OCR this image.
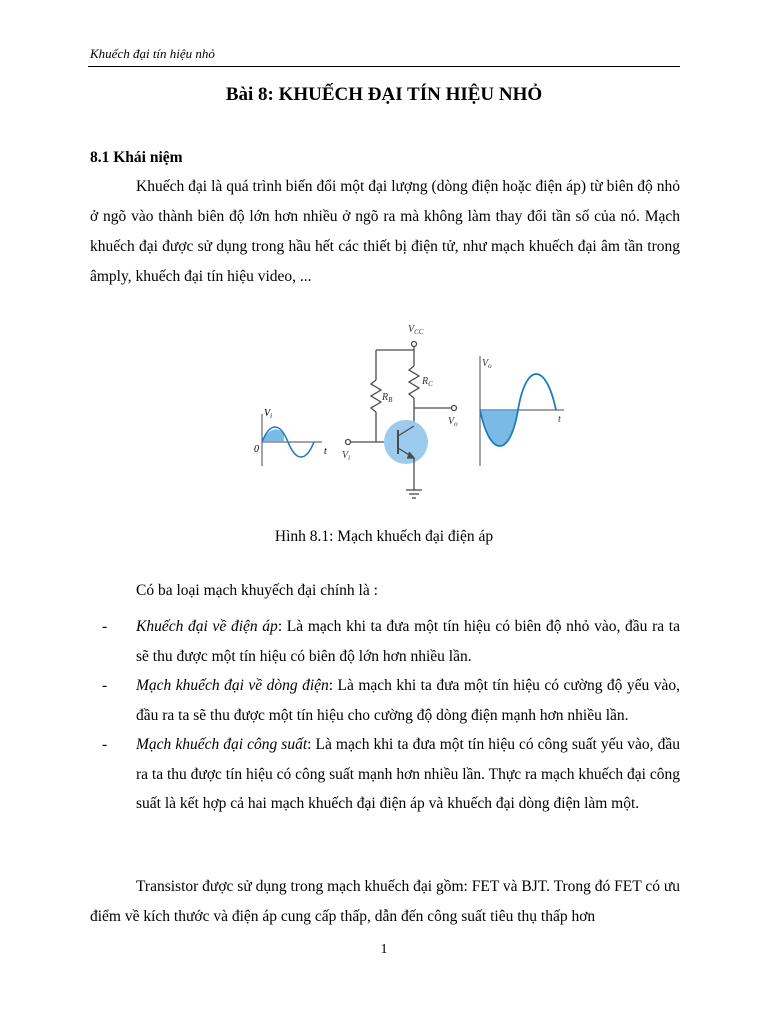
Khuếch đại tín hiệu nhỏ
Bài 8: KHUẾCH ĐẠI TÍN HIỆU NHỎ
8.1 Khái niệm
Khuếch đại là quá trình biến đổi một đại lượng (dòng điện hoặc điện áp) từ biên độ nhỏ ở ngõ vào thành biên độ lớn hơn nhiều ở ngõ ra mà không làm thay đổi tần số của nó. Mạch khuếch đại được sử dụng trong hầu hết các thiết bị điện tử, như mạch khuếch đại âm tần trong âmply, khuếch đại tín hiệu video, ...
0
$V_i$
t
$V_{CC}$
$R_B$
$R_C$
$V_i$
$V_o$
$V_o$
t
Hình 8.1: Mạch khuếch đại điện áp
Có ba loại mạch khuyếch đại chính là :
- Khuếch đại về điện áp: Là mạch khi ta đưa một tín hiệu có biên độ nhỏ vào, đầu ra ta sẽ thu được một tín hiệu có biên độ lớn hơn nhiều lần.
- Mạch khuếch đại về dòng điện: Là mạch khi ta đưa một tín hiệu có cường độ yếu vào, đầu ra ta sẽ thu được một tín hiệu cho cường độ dòng điện mạnh hơn nhiều lần.
- Mạch khuếch đại công suất: Là mạch khi ta đưa một tín hiệu có công suất yếu vào, đầu ra ta thu được tín hiệu có công suất mạnh hơn nhiều lần. Thực ra mạch khuếch đại công suất là kết hợp cả hai mạch khuếch đại điện áp và khuếch đại dòng điện làm một.
Transistor được sử dụng trong mạch khuếch đại gồm: FET và BJT. Trong đó FET có ưu điểm về kích thước và điện áp cung cấp thấp, dẫn đến công suất tiêu thụ thấp hơn
1
